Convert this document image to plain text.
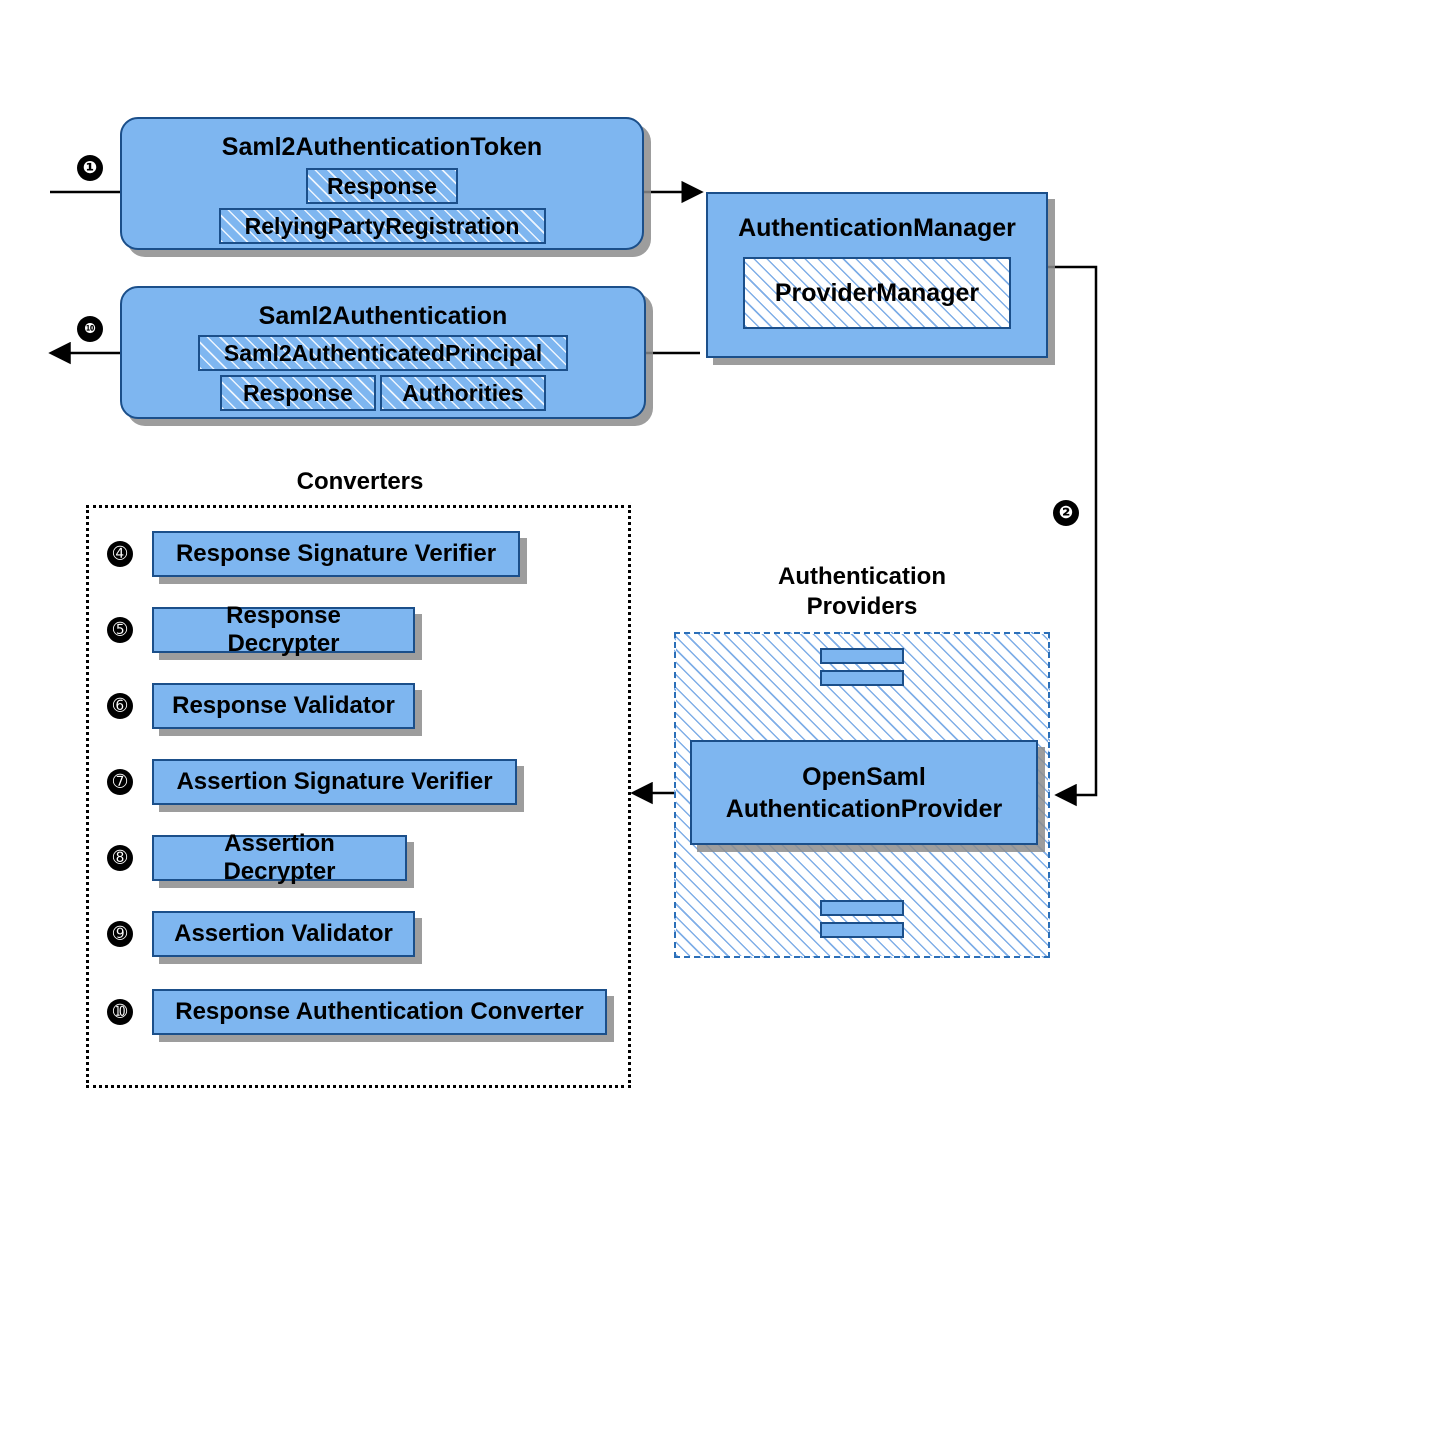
❶
Saml2AuthenticationToken
Response
RelyingPartyRegistration
❿	Saml2Authentication
Saml2AuthenticatedPrincipal
Response	Authorities
AuthenticationManager
ProviderManager
❷
Authentication
Providers
OpenSaml
AuthenticationProvider
Converters
➃
➄
➅
➆
➇
➈
➉
Response Signature Verifier
Response Decrypter
Response Validator
Assertion Signature Verifier
Assertion Decrypter
Assertion Validator
Response Authentication Converter
